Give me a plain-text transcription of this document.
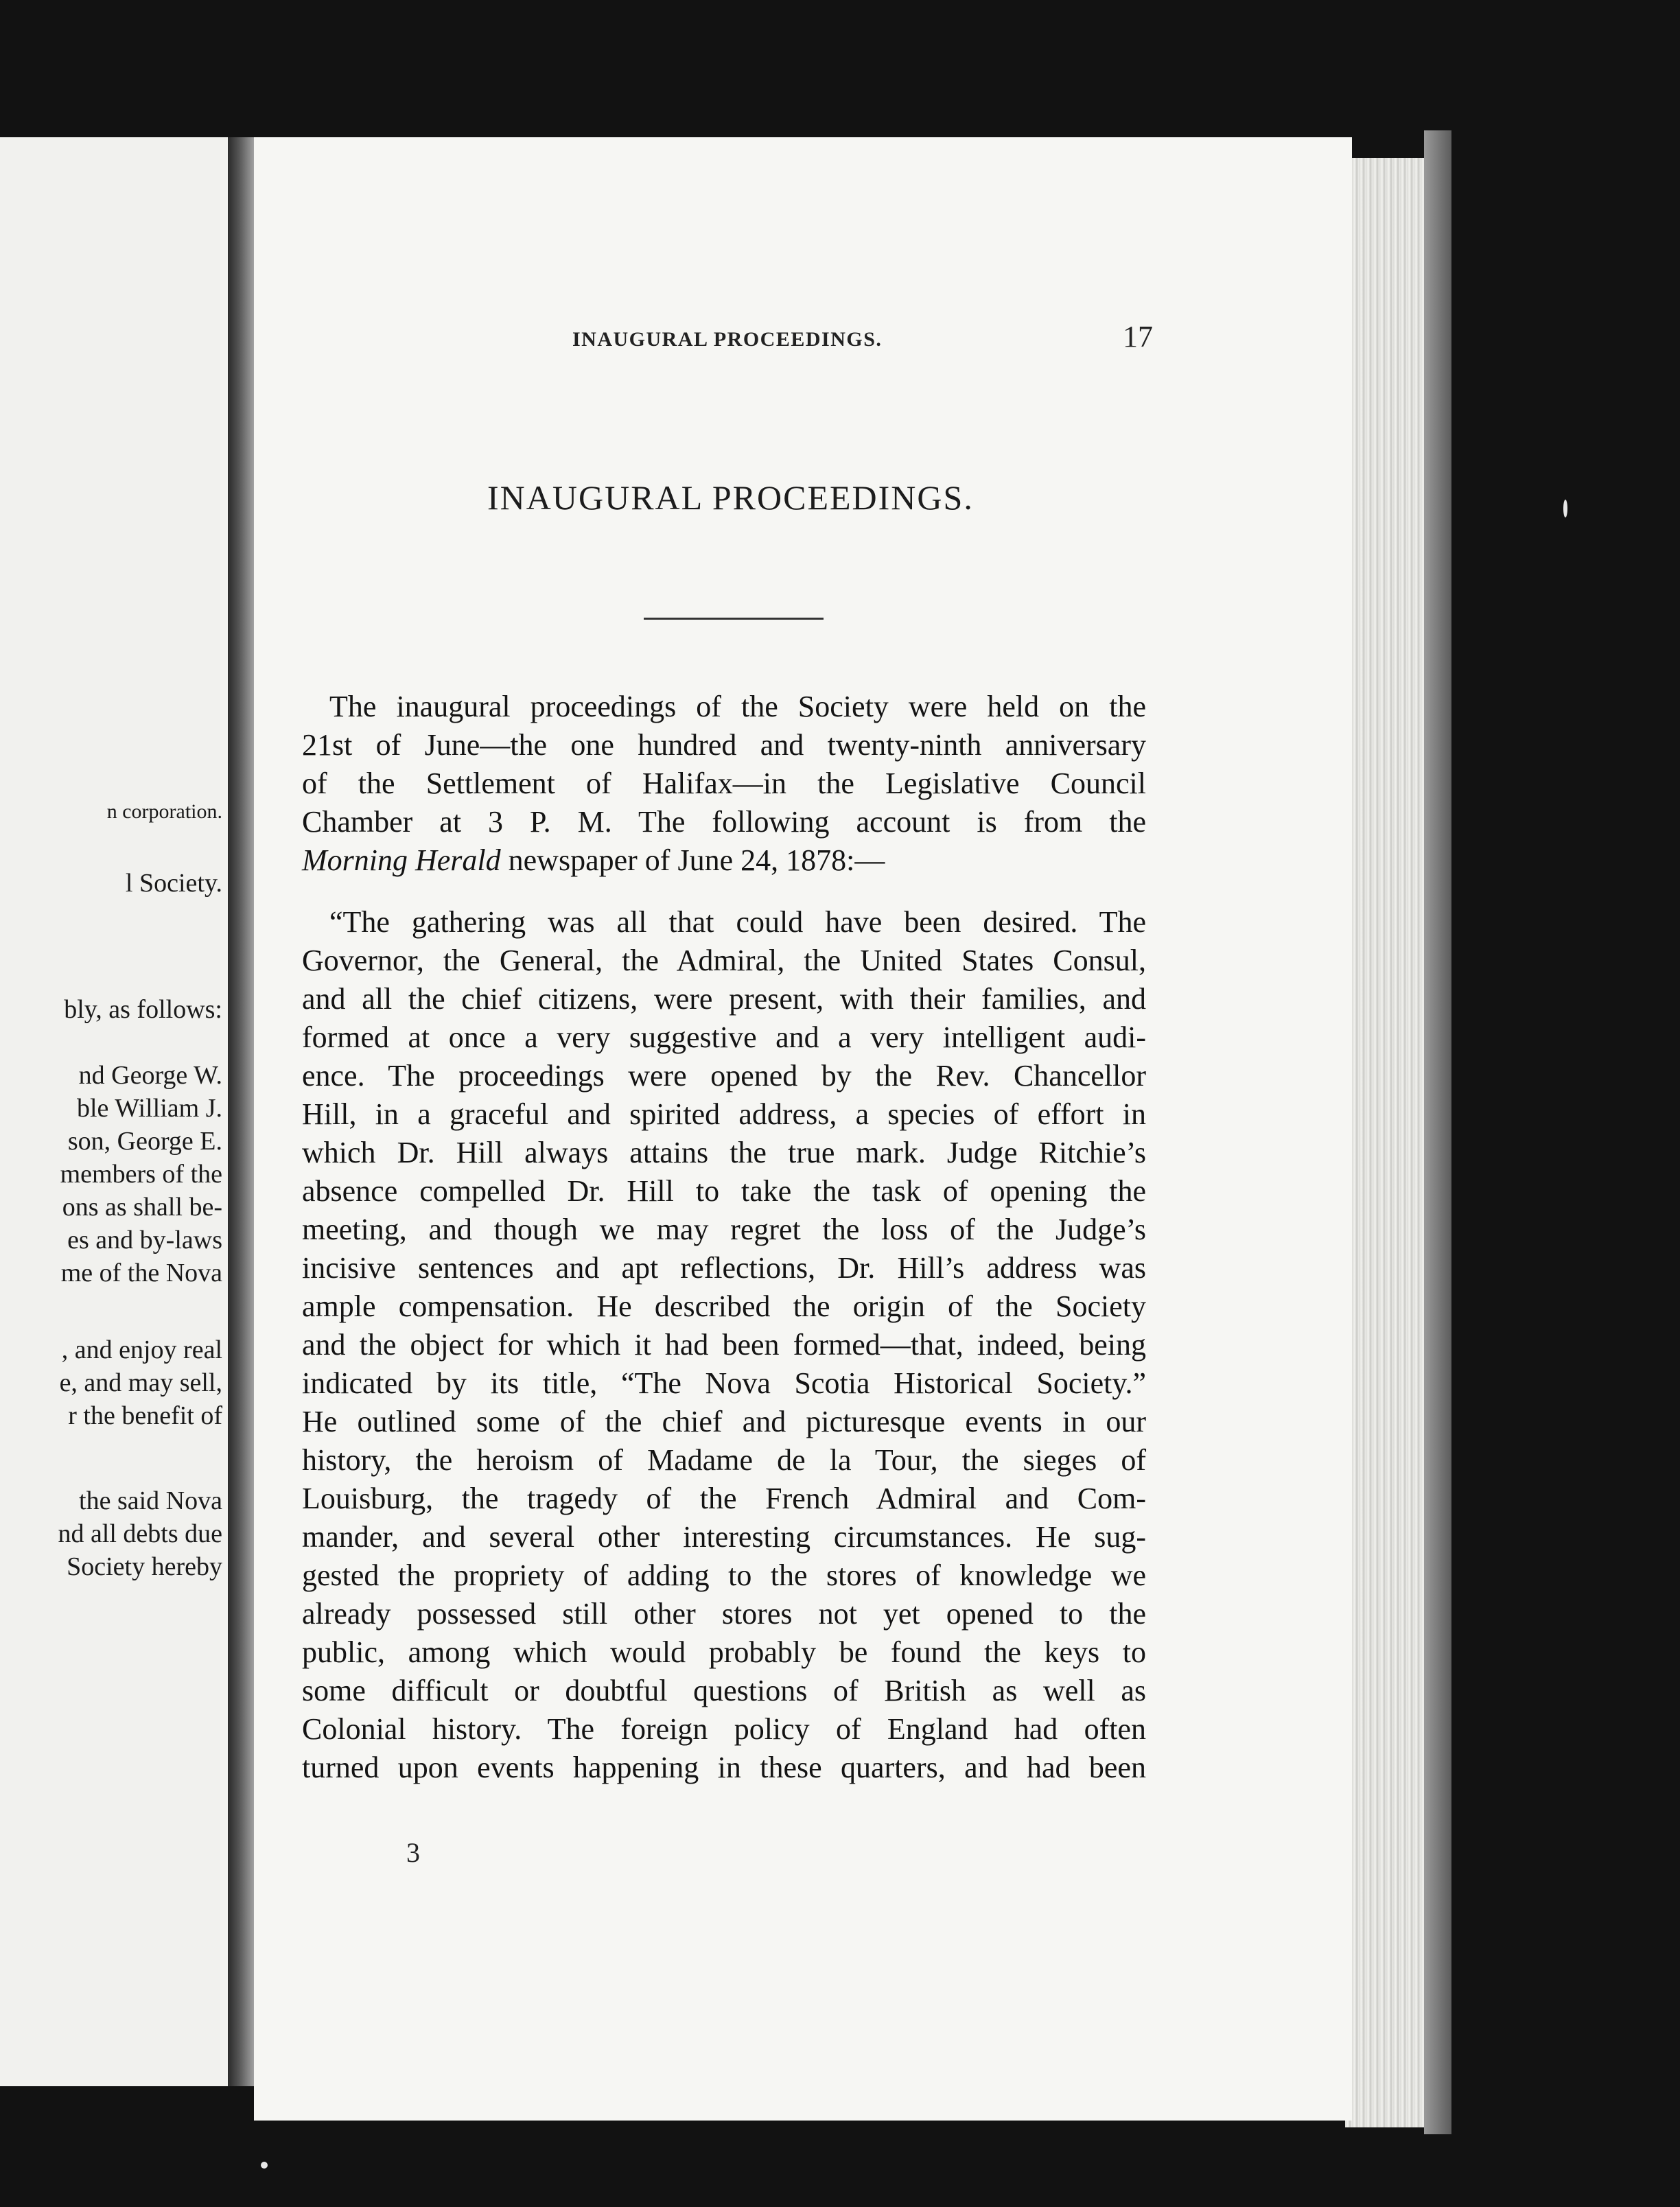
n corporation.
l Society.
bly, as follows:
nd George W.
ble William J.
son, George E.
members of the
ons as shall be-
es and by-laws
me of the Nova
, and enjoy real
e, and may sell,
r the benefit of
the said Nova
nd all debts due
Society hereby
INAUGURAL PROCEEDINGS.	17
INAUGURAL PROCEEDINGS.
The inaugural proceedings of the Society were held on the
21st of June—the one hundred and twenty-ninth anniversary
of the Settlement of Halifax—in the Legislative Council
Chamber at 3 P. M. The following account is from the
Morning Herald newspaper of June 24, 1878:—
“The gathering was all that could have been desired. The
Governor, the General, the Admiral, the United States Consul,
and all the chief citizens, were present, with their families, and
formed at once a very suggestive and a very intelligent audi-
ence. The proceedings were opened by the Rev. Chancellor
Hill, in a graceful and spirited address, a species of effort in
which Dr. Hill always attains the true mark. Judge Ritchie’s
absence compelled Dr. Hill to take the task of opening the
meeting, and though we may regret the loss of the Judge’s
incisive sentences and apt reflections, Dr. Hill’s address was
ample compensation. He described the origin of the Society
and the object for which it had been formed—that, indeed, being
indicated by its title, “The Nova Scotia Historical Society.”
He outlined some of the chief and picturesque events in our
history, the heroism of Madame de la Tour, the sieges of
Louisburg, the tragedy of the French Admiral and Com-
mander, and several other interesting circumstances. He sug-
gested the propriety of adding to the stores of knowledge we
already possessed still other stores not yet opened to the
public, among which would probably be found the keys to
some difficult or doubtful questions of British as well as
Colonial history. The foreign policy of England had often
turned upon events happening in these quarters, and had been
3
